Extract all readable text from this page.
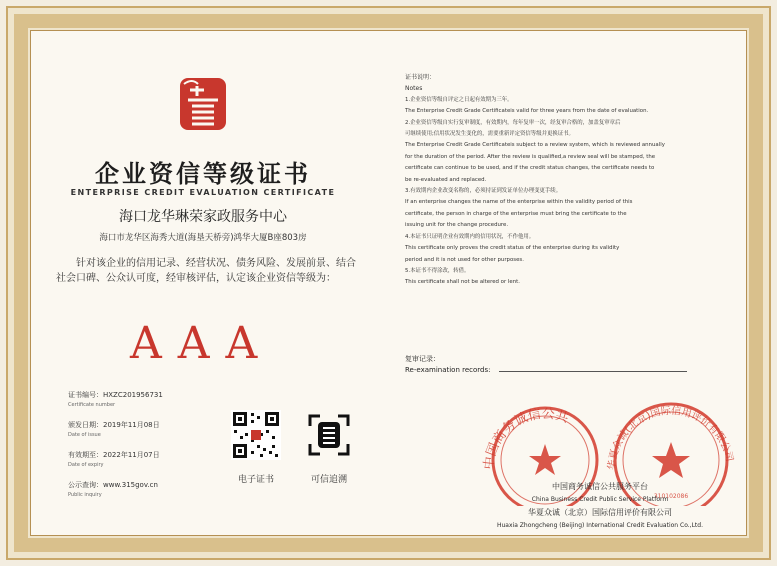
企业资信等级证书
ENTERPRISE CREDIT EVALUATION CERTIFICATE
海口龙华琳荣家政服务中心
海口市龙华区海秀大道(海垦天桥旁)鸿华大厦B座803房
针对该企业的信用记录、经营状况、债务风险、发展前景、结合社会口碑、公众认可度，经审核评估，认定该企业资信等级为：
AAA
证书编号：HXZC201956731
Certificate number
颁发日期：2019年11月08日
Date of issue
有效期至：2022年11月07日
Date of expiry
公示查询：www.315gov.cn
Public inquiry
电子证书	可信追溯
证书说明：
Notes
1.企业资信等级自评定之日起有效期为三年。
The Enterprise Credit Grade Certificateis valid for three years from the date of evaluation.
2.企业资信等级自实行复审制度，有效期内，每年复审一次，经复审合格的，加盖复审章后
可继续使用;信用状况发生变化的，需要重新评定资信等级并更换证书。
The Enterprise Credit Grade Certificateis subject to a review system, which is reviewed annually
for the duration of the period. After the review is qualified,a review seal will be stamped, the
certificate can continue to be used, and if the credit status changes, the certificate needs to
be re-evaluated and replaced.
3.有效期内企业改变名称的，必须持证到发证单位办理变更手续。
If an enterprise changes the name of the enterprise within the validity period of this
certificate, the person in charge of the enterprise must bring the certificate to the
issuing unit for the change procedure.
4.本证书只证明企业有效期内的信用状况，不作他用。
This certificate only proves the credit status of the enterprise during its validity
period and it is not used for other purposes.
5.本证书不得涂改，转借。
This certificate shall not be altered or lent.
复审记录：
Re-examination records:
中国商务诚信公共
华夏众诚(北京)国际信用评价有限公司
310102086
中国商务诚信公共服务平台
China Business Credit Public Service Platform
华夏众诚（北京）国际信用评价有限公司
Huaxia Zhongcheng (Beijing) International Credit Evaluation Co.,Ltd.
